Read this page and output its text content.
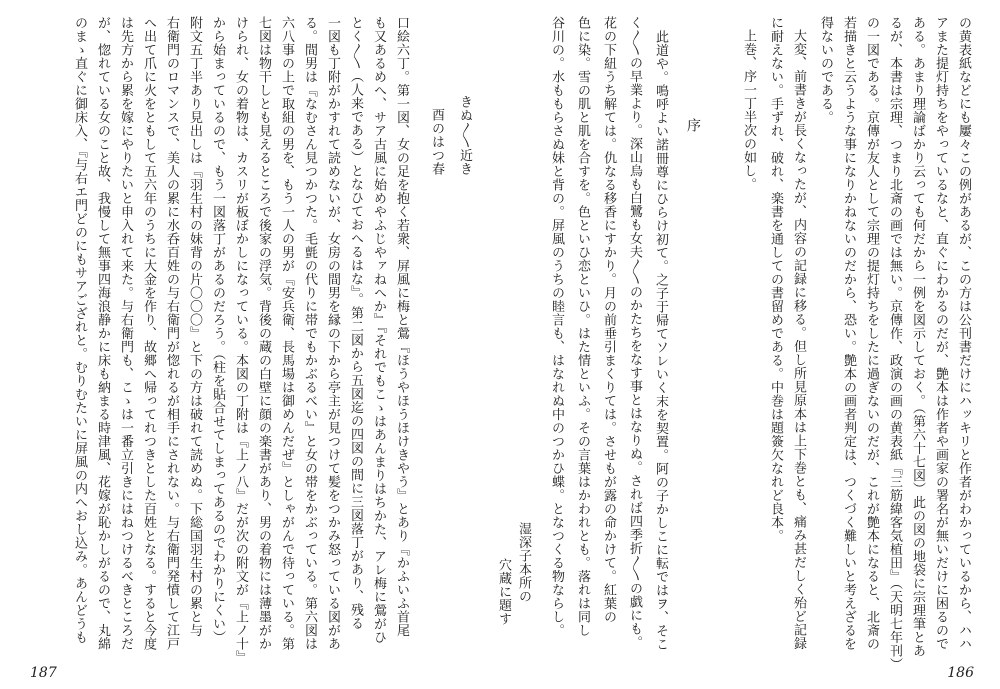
の黄表紙などにも屢々この例があるが、この方は公刊書だけにハッキリと作者がわかっているから、ハハ
アまた提灯持ちをやっているなと、直ぐにわかるのだが、艶本は作者や画家の署名が無いだけに困るので
ある。あまり理論ばかり云っても何だから一例を図示しておく。（第六十七図）此の図の地袋に宗理筆とあ
るが、本書は宗理、つまり北斎の画では無い。京傳作、政演の画の黄表紙『三筋緯客気植田』（天明七年刊）
の一図である。京傳が友人として宗理の提灯持ちをしたに過ぎないのだが、これが艶本になると、北斎の
若描きと云うような事になりかねないのだから、恐い。艶本の画者判定は、つくづく難しいと考えざるを
得ないのである。
大変、前書きが長くなったが、内容の記録に移る。但し所見原本は上下巻とも、痛み甚だしく殆ど記録
に耐えない。手ずれ、破れ、楽書を通しての書留めである。中巻は題簽欠なれど良本。
上巻、序一丁半次の如し。
序
此道や。鳴呼よい諾冊尊にひらけ初て。之子于帰てソレいく末を契置。阿の子かしこに転ではヲ、そこ
く〳〵の早業より。深山烏も白鷺も女夫〳〵のかたちをなす事とはなりぬ。されば四季折〳〵の戯にも。
花の下紐うち解ては。仇なる移香にすかり。月の前垂引まくりては。させもが露の命かけて。紅葉の
色に染。雪の肌と肌を合すを。色といひ恋といひ。はた情といふ。その言葉はかわれとも。落れは同し
谷川の。水ももらさぬ妹と背の。屏風のうちの睦言も、はなれぬ中のつかひ蝶。となつくる物ならし。
湿深子本所の
穴蔵に題す
186
きぬ〳〵近き
酉のはつ春
口絵六丁。第一図、女の足を抱く若衆、屏風に梅と鶯『ほうやほうほけきやう』とあり『かふいふ首尾
も又あるめへ、サア古風に始めやふじやァねへか』『それでもこゝはあんまりはちかた、アレ梅に鶯がひ
とく〳〵（人来である）となひておへるはな』。第二図から五図迄の四図の間に三図落丁があり、残る
一図も丁附がかすれて読めないが、女房の間男を縁の下から亭主が見つけて髪をつかみ怒っている図があ
る。間男は『なむさん見つかつた。毛氈の代りに帯でもかぶるべい』と女の帯をかぶっている。第六図は
六八事の上で取組の男を、もう一人の男が『安兵衛、長馬場は御めんだぜ』としゃがんで待っている。第
七図は物干しとも見えるところで後家の浮気。背後の蔵の白壁に顔の楽書があり、男の着物には薄墨がか
けられ、女の着物は、カスリが板ぼかしになっている。本図の丁附は『上ノ八』だが次の附文が『上ノ十』
から始まっているので、もう一図落丁があるのだろう。（柱を貼合せてしまってあるのでわかりにくい）
附文五丁半あり見出しは『羽生村の妹背の片〇〇〇』と下の方は破れて読めぬ。下総国羽生村の累と与
右衛門のロマンスで、美人の累に水呑百姓の与右衛門が惚れるが相手にされない。与右衛門発憤して江戸
へ出て爪に火をともして五六年のうちに大金を作り、故郷へ帰ってれつきとした百姓となる。すると今度
は先方から累を嫁にやりたいと申入れて来た。与右衛門も、こゝは一番立引きにはねつけるべきところだ
が、惚れている女のこと故、我慢して無事四海浪静かに床も納まる時津風、花嫁が恥かしがるので、丸綿
のまゝ直ぐに御床入、『与右エ門どのにもサアござれと。むりむたいに屏風の内へおし込み。あんどうも
187
